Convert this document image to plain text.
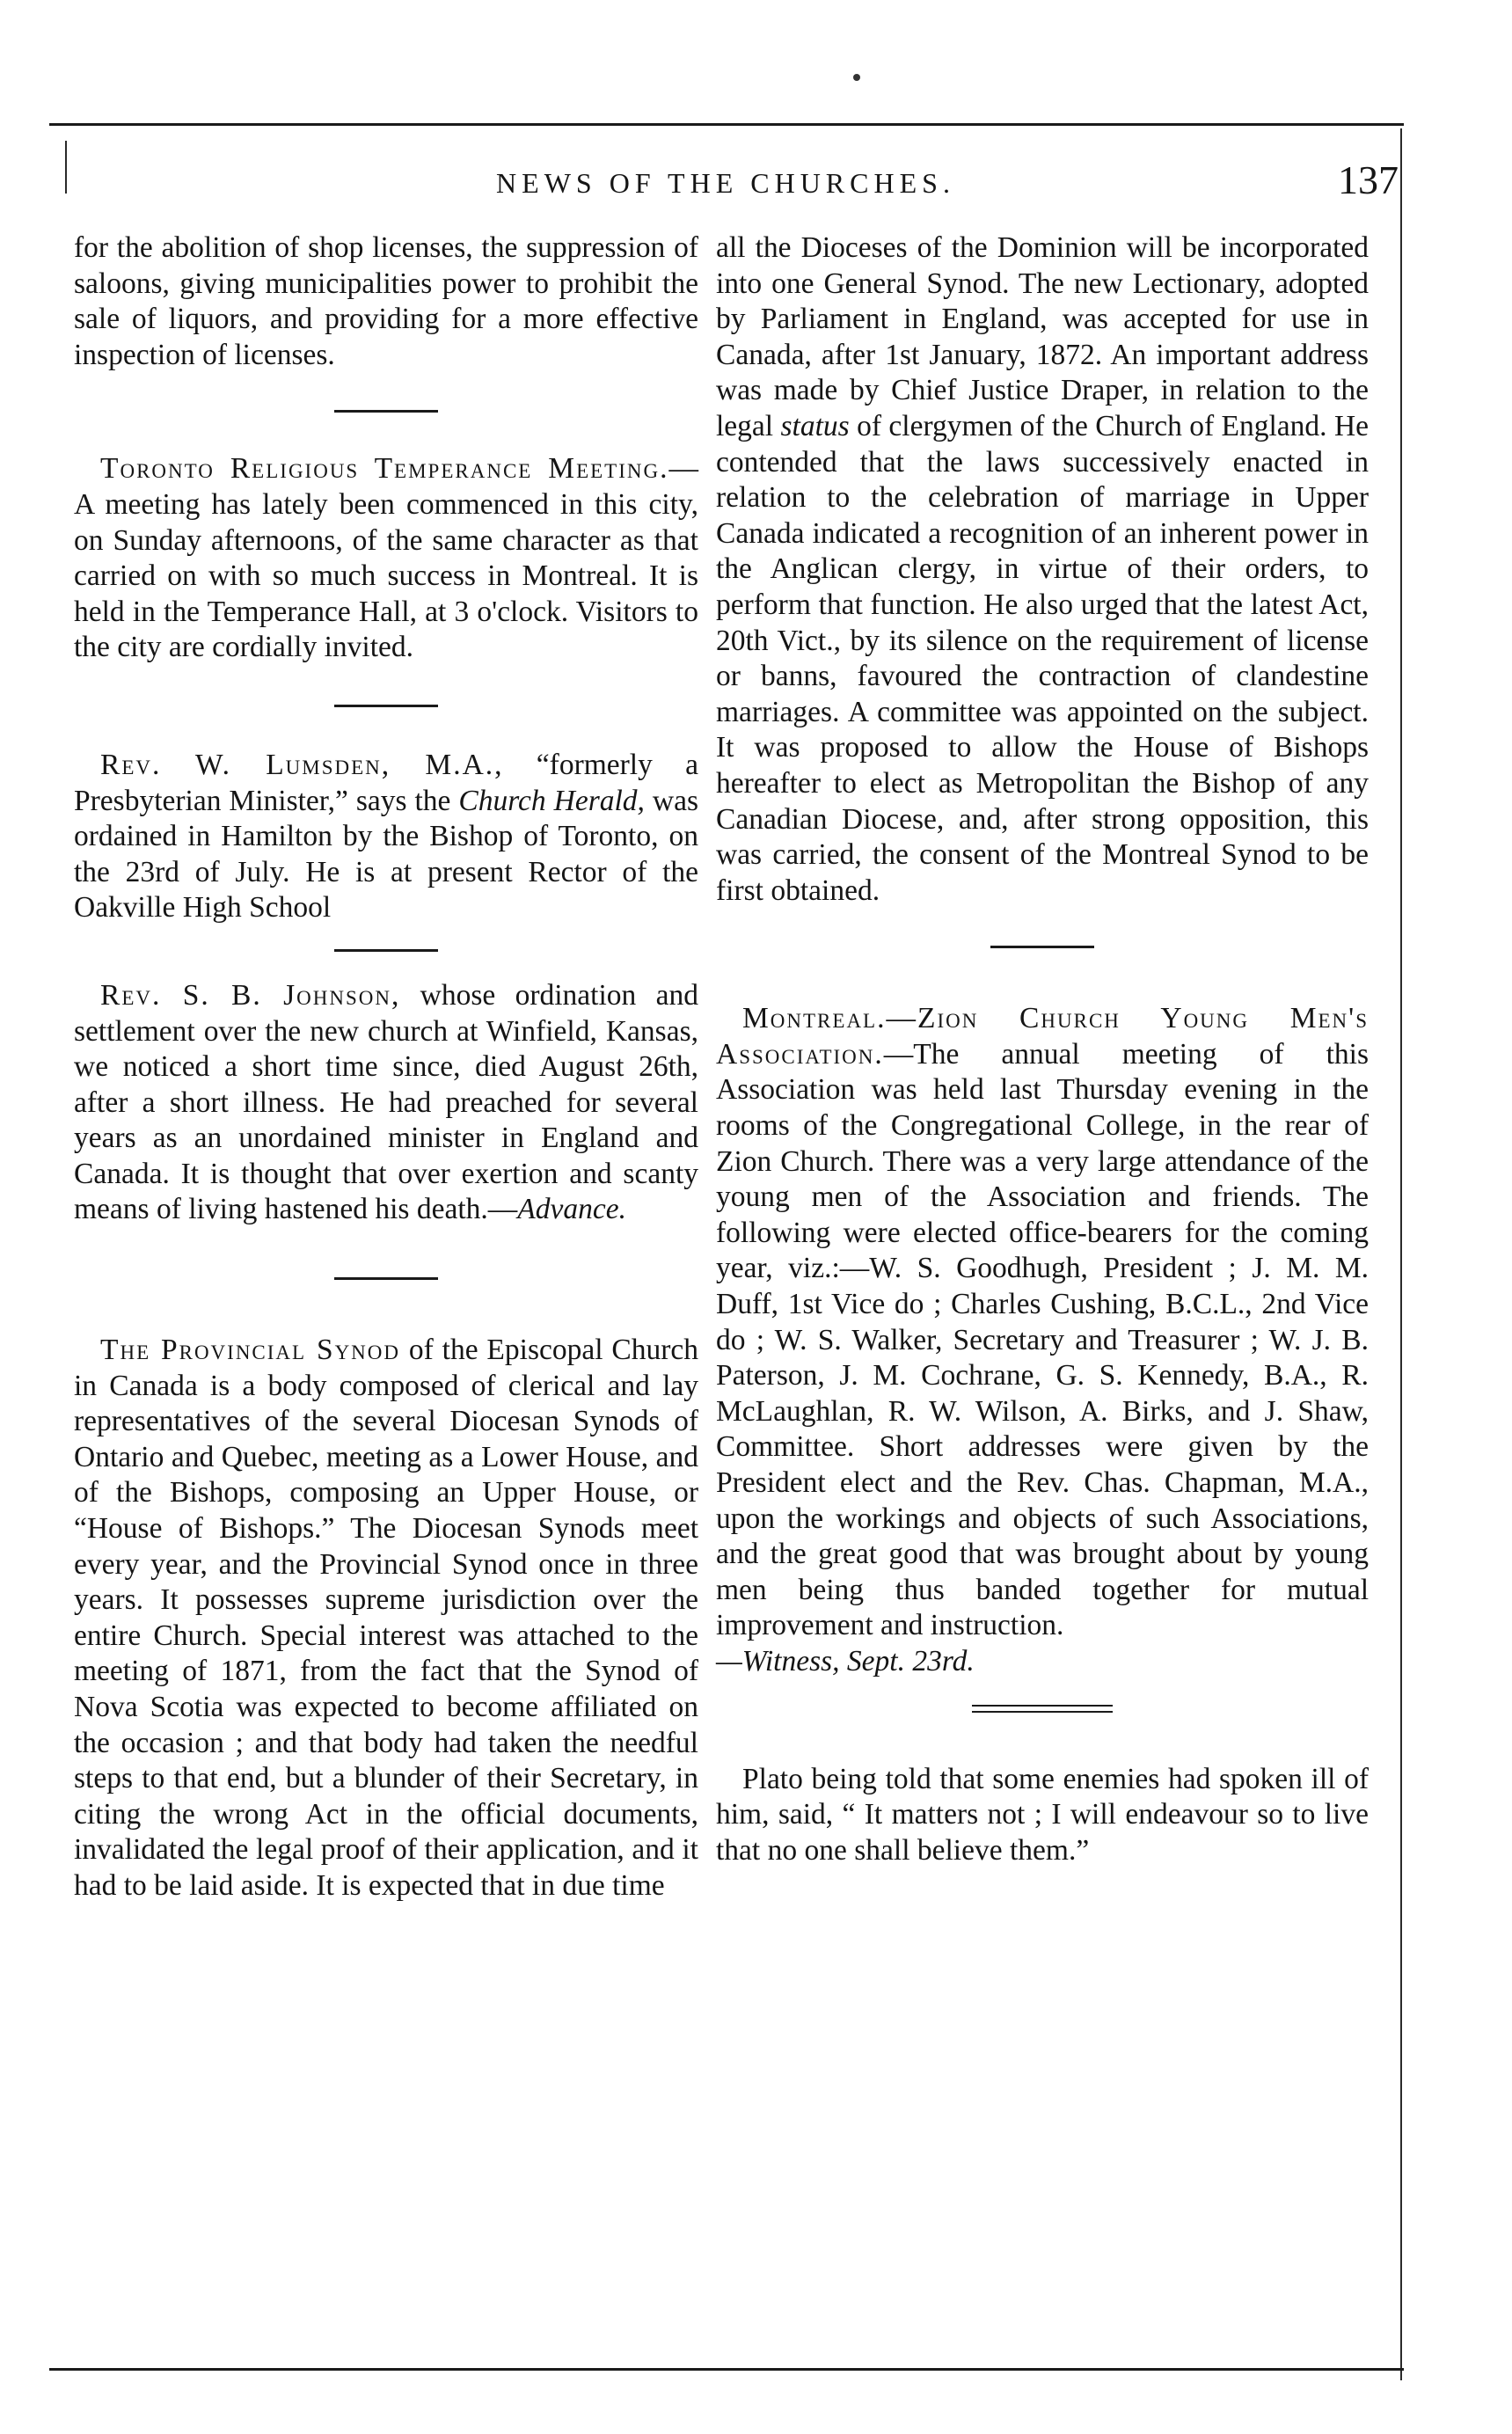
NEWS OF THE CHURCHES.	137

for the abolition of shop licenses, the suppression of saloons, giving municipalities power to prohibit the sale of liquors, and providing for a more effective inspection of licenses.

Toronto Religious Temperance Meeting.—A meeting has lately been commenced in this city, on Sunday afternoons, of the same character as that carried on with so much success in Montreal. It is held in the Temperance Hall, at 3 o'clock. Visitors to the city are cordially invited.

Rev. W. Lumsden, M.A., “formerly a Presbyterian Minister,” says the Church Herald, was ordained in Hamilton by the Bishop of Toronto, on the 23rd of July. He is at present Rector of the Oakville High School

Rev. S. B. Johnson, whose ordination and settlement over the new church at Winfield, Kansas, we noticed a short time since, died August 26th, after a short illness. He had preached for several years as an unordained minister in England and Canada. It is thought that over exertion and scanty means of living hastened his death.—Advance.

The Provincial Synod of the Episcopal Church in Canada is a body composed of clerical and lay representatives of the several Diocesan Synods of Ontario and Quebec, meeting as a Lower House, and of the Bishops, composing an Upper House, or “House of Bishops.” The Diocesan Synods meet every year, and the Provincial Synod once in three years. It possesses supreme jurisdiction over the entire Church. Special interest was attached to the meeting of 1871, from the fact that the Synod of Nova Scotia was expected to become affiliated on the occasion ; and that body had taken the needful steps to that end, but a blunder of their Secretary, in citing the wrong Act in the official documents, invalidated the legal proof of their application, and it had to be laid aside. It is expected that in due time

all the Dioceses of the Dominion will be incorporated into one General Synod. The new Lectionary, adopted by Parliament in England, was accepted for use in Canada, after 1st January, 1872. An important address was made by Chief Justice Draper, in relation to the legal status of clergymen of the Church of England. He contended that the laws successively enacted in relation to the celebration of marriage in Upper Canada indicated a recognition of an inherent power in the Anglican clergy, in virtue of their orders, to perform that function. He also urged that the latest Act, 20th Vict., by its silence on the requirement of license or banns, favoured the contraction of clandestine marriages. A committee was appointed on the subject. It was proposed to allow the House of Bishops hereafter to elect as Metropolitan the Bishop of any Canadian Diocese, and, after strong opposition, this was carried, the consent of the Montreal Synod to be first obtained.

Montreal.—Zion Church Young Men's Association.—The annual meeting of this Association was held last Thursday evening in the rooms of the Congregational College, in the rear of Zion Church. There was a very large attendance of the young men of the Association and friends. The following were elected office-bearers for the coming year, viz.:—W. S. Goodhugh, President ; J. M. M. Duff, 1st Vice do ; Charles Cushing, B.C.L., 2nd Vice do ; W. S. Walker, Secretary and Treasurer ; W. J. B. Paterson, J. M. Cochrane, G. S. Kennedy, B.A., R. McLaughlan, R. W. Wilson, A. Birks, and J. Shaw, Committee. Short addresses were given by the President elect and the Rev. Chas. Chapman, M.A., upon the workings and objects of such Associations, and the great good that was brought about by young men being thus banded together for mutual improvement and instruction.

—Witness, Sept. 23rd.

Plato being told that some enemies had spoken ill of him, said, “ It matters not ; I will endeavour so to live that no one shall believe them.”
